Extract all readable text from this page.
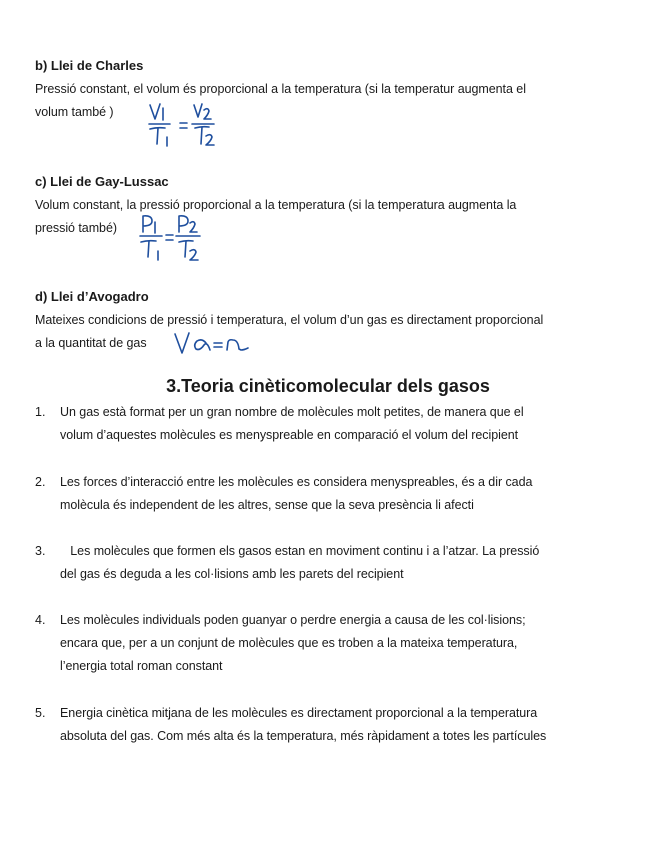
b) Llei de Charles
Pressió constant, el volum és proporcional a la temperatura (si la temperatur augmenta el
volum també )
c) Llei de Gay-Lussac
Volum constant, la pressió proporcional a la temperatura (si la temperatura augmenta la
pressió també)
d) Llei d’Avogadro
Mateixes condicions de pressió i temperatura, el volum d’un gas es directament proporcional
a la quantitat de gas
3.Teoria cinèticomolecular dels gasos
1. Un gas està format per un gran nombre de molècules molt petites, de manera que el
volum d’aquestes molècules es menyspreable en comparació el volum del recipient
2. Les forces d’interacció entre les molècules es considera menyspreables, és a dir cada
molècula és independent de les altres, sense que la seva presència li afecti
3. Les molècules que formen els gasos estan en moviment continu i a l’atzar. La pressió
del gas és deguda a les col·lisions amb les parets del recipient
4. Les molècules individuals poden guanyar o perdre energia a causa de les col·lisions;
encara que, per a un conjunt de molècules que es troben a la mateixa temperatura,
l’energia total roman constant
5. Energia cinètica mitjana de les molècules es directament proporcional a la temperatura
absoluta del gas. Com més alta és la temperatura, més ràpidament a totes les partícules
